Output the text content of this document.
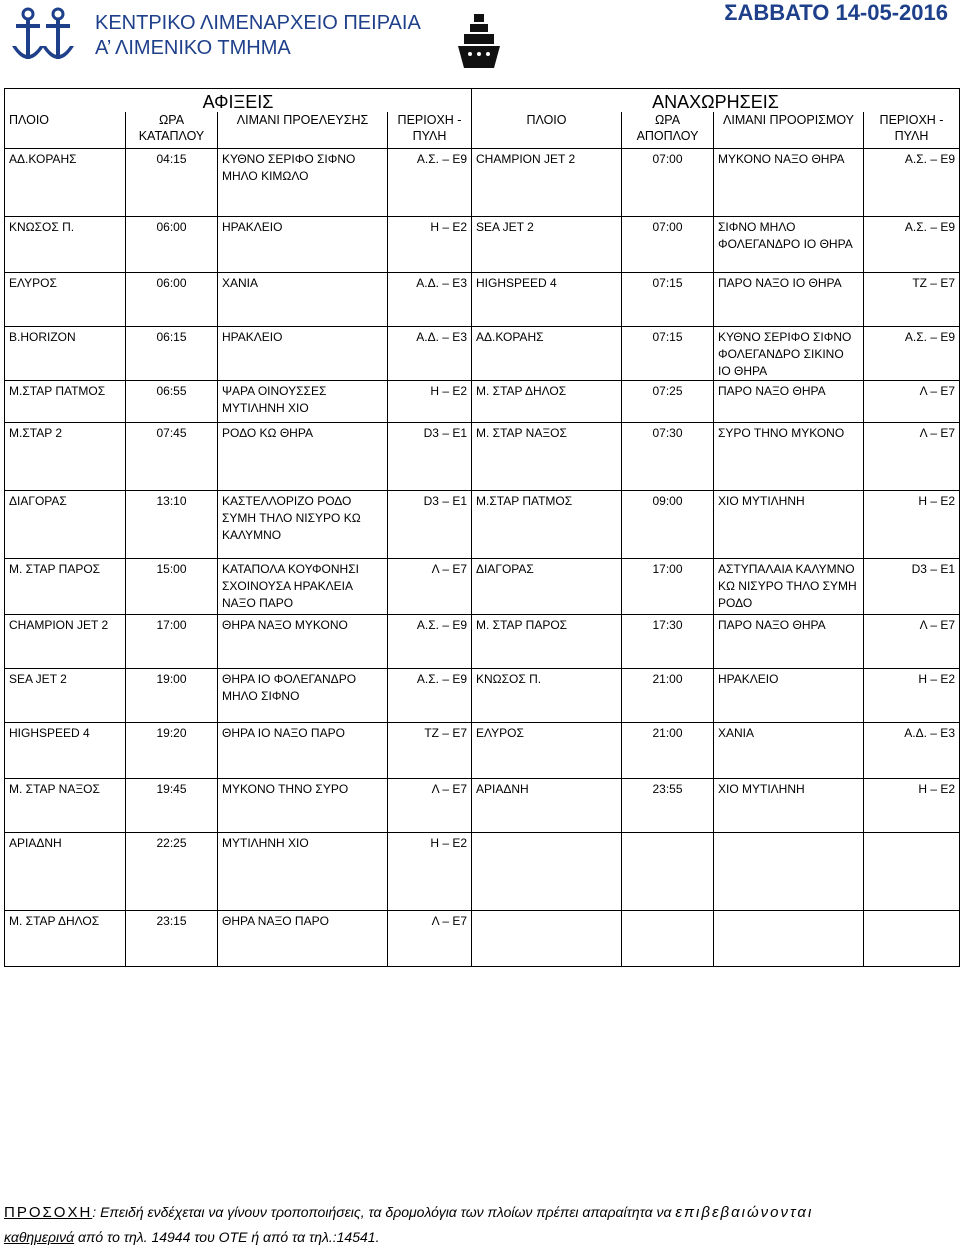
ΚΕΝΤΡΙΚΟ ΛΙΜΕΝΑΡΧΕΙΟ ΠΕΙΡΑΙΑ
Α’ ΛΙΜΕΝΙΚΟ ΤΜΗΜΑ
ΣΑΒΒΑΤΟ 14-05-2016
ΑΦΙΞΕΙΣ				ΑΝΑΧΩΡΗΣΕΙΣ			
ΠΛΟΙΟ	ΩΡΑ ΚΑΤΑΠΛΟΥ	ΛΙΜΑΝΙ ΠΡΟΕΛΕΥΣΗΣ	ΠΕΡΙΟΧΗ - ΠΥΛΗ	ΠΛΟΙΟ	ΩΡΑ ΑΠΟΠΛΟΥ	ΛΙΜΑΝΙ ΠΡΟΟΡΙΣΜΟΥ	ΠΕΡΙΟΧΗ - ΠΥΛΗ
ΑΔ.ΚΟΡΑΗΣ	04:15	ΚΥΘΝΟ ΣΕΡΙΦΟ ΣΙΦΝΟ ΜΗΛΟ ΚΙΜΩΛΟ	Α.Σ. – Ε9	CHAMPION JET 2	07:00	ΜΥΚΟΝΟ ΝΑΞΟ ΘΗΡΑ	Α.Σ. – Ε9
ΚΝΩΣΟΣ Π.	06:00	ΗΡΑΚΛΕΙΟ	Η – Ε2	SEA JET 2	07:00	ΣΙΦΝΟ ΜΗΛΟ ΦΟΛΕΓΑΝΔΡΟ ΙΟ ΘΗΡΑ	Α.Σ. – Ε9
ΕΛΥΡΟΣ	06:00	ΧΑΝΙΑ	Α.Δ. – Ε3	HIGHSPEED 4	07:15	ΠΑΡΟ ΝΑΞΟ ΙΟ ΘΗΡΑ	ΤΖ – Ε7
B.HORIZON	06:15	ΗΡΑΚΛΕΙΟ	Α.Δ. – Ε3	ΑΔ.ΚΟΡΑΗΣ	07:15	ΚΥΘΝΟ ΣΕΡΙΦΟ ΣΙΦΝΟ ΦΟΛΕΓΑΝΔΡΟ ΣΙΚΙΝΟ ΙΟ ΘΗΡΑ	Α.Σ. – Ε9
Μ.ΣΤΑΡ ΠΑΤΜΟΣ	06:55	ΨΑΡΑ ΟΙΝΟΥΣΣΕΣ ΜΥΤΙΛΗΝΗ ΧΙΟ	Η – Ε2	Μ. ΣΤΑΡ ΔΗΛΟΣ	07:25	ΠΑΡΟ ΝΑΞΟ ΘΗΡΑ	Λ – Ε7
Μ.ΣΤΑΡ 2	07:45	ΡΟΔΟ ΚΩ ΘΗΡΑ	D3 – Ε1	Μ. ΣΤΑΡ ΝΑΞΟΣ	07:30	ΣΥΡΟ ΤΗΝΟ ΜΥΚΟΝΟ	Λ – Ε7
ΔΙΑΓΟΡΑΣ	13:10	ΚΑΣΤΕΛΛΟΡΙΖΟ ΡΟΔΟ ΣΥΜΗ ΤΗΛΟ ΝΙΣΥΡΟ ΚΩ ΚΑΛΥΜΝΟ	D3 – Ε1	Μ.ΣΤΑΡ ΠΑΤΜΟΣ	09:00	ΧΙΟ ΜΥΤΙΛΗΝΗ	Η – Ε2
Μ. ΣΤΑΡ ΠΑΡΟΣ	15:00	ΚΑΤΑΠΟΛΑ ΚΟΥΦΟΝΗΣΙ ΣΧΟΙΝΟΥΣΑ ΗΡΑΚΛΕΙΑ ΝΑΞΟ ΠΑΡΟ	Λ – Ε7	ΔΙΑΓΟΡΑΣ	17:00	ΑΣΤΥΠΑΛΑΙΑ ΚΑΛΥΜΝΟ ΚΩ ΝΙΣΥΡΟ ΤΗΛΟ ΣΥΜΗ ΡΟΔΟ	D3 – Ε1
CHAMPION JET 2	17:00	ΘΗΡΑ ΝΑΞΟ ΜΥΚΟΝΟ	Α.Σ. – Ε9	Μ. ΣΤΑΡ ΠΑΡΟΣ	17:30	ΠΑΡΟ ΝΑΞΟ ΘΗΡΑ	Λ – Ε7
SEA JET 2	19:00	ΘΗΡΑ ΙΟ ΦΟΛΕΓΑΝΔΡΟ ΜΗΛΟ ΣΙΦΝΟ	Α.Σ. – Ε9	ΚΝΩΣΟΣ Π.	21:00	ΗΡΑΚΛΕΙΟ	Η – Ε2
HIGHSPEED 4	19:20	ΘΗΡΑ ΙΟ ΝΑΞΟ ΠΑΡΟ	ΤΖ – Ε7	ΕΛΥΡΟΣ	21:00	ΧΑΝΙΑ	Α.Δ. – Ε3
Μ. ΣΤΑΡ ΝΑΞΟΣ	19:45	ΜΥΚΟΝΟ ΤΗΝΟ ΣΥΡΟ	Λ – Ε7	ΑΡΙΑΔΝΗ	23:55	ΧΙΟ ΜΥΤΙΛΗΝΗ	Η – Ε2
ΑΡΙΑΔΝΗ	22:25	ΜΥΤΙΛΗΝΗ ΧΙΟ	Η – Ε2				
Μ. ΣΤΑΡ ΔΗΛΟΣ	23:15	ΘΗΡΑ ΝΑΞΟ ΠΑΡΟ	Λ – Ε7				
ΠΡΟΣΟΧΗ: Επειδή ενδέχεται να γίνουν τροποποιήσεις, τα δρομολόγια των πλοίων πρέπει απαραίτητα να επιβεβαιώνονται
καθημερινά από το τηλ. 14944 του ΟΤΕ ή από τα τηλ.:14541.
